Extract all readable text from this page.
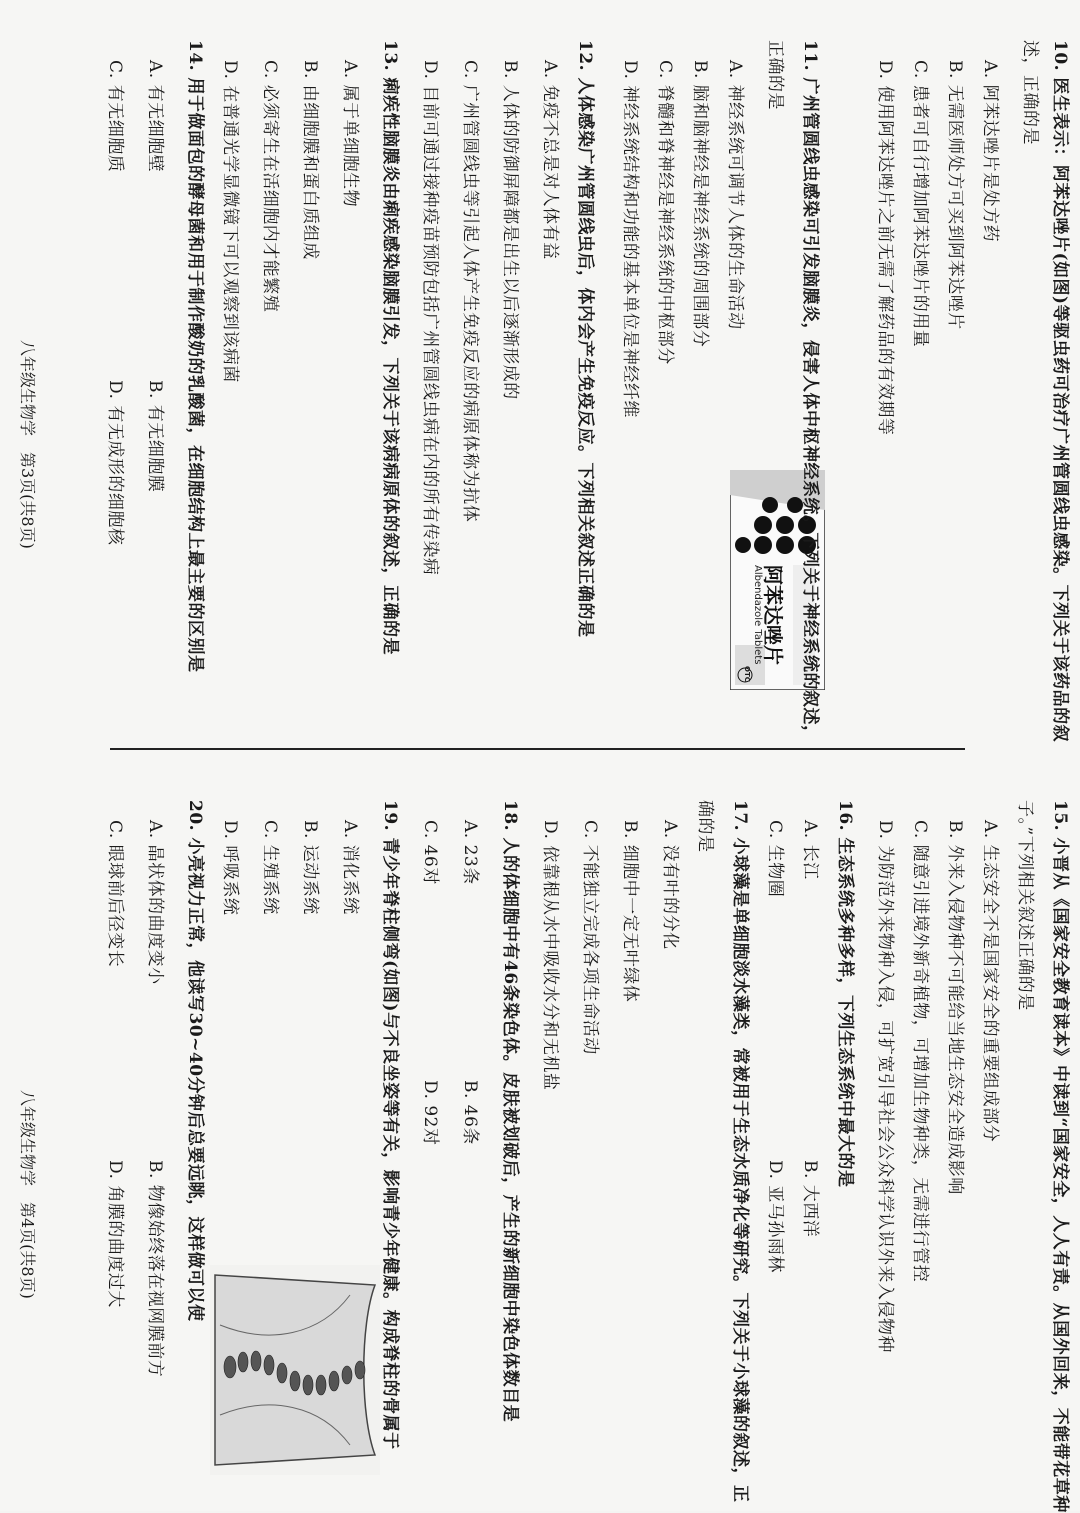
10. 医生表示：阿苯达唑片(如图)等驱虫药可治疗广州管圆线虫感染。下列关于该药品的叙
述，正确的是
A. 阿苯达唑片是处方药
B. 无需医师处方可买到阿苯达唑片
C. 患者可自行增加阿苯达唑片的用量
D. 使用阿苯达唑片之前无需了解药品的有效期等
阿苯达唑片
Albendazole Tablets
OTC	11. 广州管圆线虫感染可引发脑膜炎，侵害人体中枢神经系统。下列关于神经系统的叙述，
正确的是
A. 神经系统可调节人体的生命活动
B. 脑和脑神经是神经系统的周围部分
C. 脊髓和脊神经是神经系统的中枢部分
D. 神经系统结构和功能的基本单位是神经纤维
12. 人体感染广州管圆线虫后，体内会产生免疫反应。下列相关叙述正确的是
A. 免疫不总是对人体有益
B. 人体的防御屏障都是出生以后逐渐形成的
C. 广州管圆线虫等引起人体产生免疫反应的病原体称为抗体
D. 目前可通过接种疫苗预防包括广州管圆线虫病在内的所有传染病
13. 痢疾性脑膜炎由痢疾感染脑膜引发，下列关于该病病原体的叙述，正确的是
A. 属于单细胞生物
B. 由细胞膜和蛋白质组成
C. 必须寄生在活细胞内才能繁殖
D. 在普通光学显微镜下可以观察到该病菌
14. 用于做面包的酵母菌和用于制作酸奶的乳酸菌，在细胞结构上最主要的区别是
A. 有无细胞壁
B. 有无细胞膜
C. 有无细胞质
D. 有无成形的细胞核
八年级生物学　第3页(共8页)
15. 小晋从《国家安全教育读本》中读到“国家安全，人人有责。从国外回来，不能带花草种
子。”下列相关叙述正确的是
A. 生态安全不是国家安全的重要组成部分
B. 外来入侵物种不可能给当地生态安全造成影响
C. 随意引进境外新奇植物，可增加生物种类，无需进行管控
D. 为防范外来物种入侵，可扩宽引导社会公众科学认识外来入侵物种
16. 生态系统多种多样，下列生态系统中最大的是
A. 长江
B. 大西洋
C. 生物圈
D. 亚马孙雨林
17. 小球藻是单细胞淡水藻类，常被用于生态水质净化等研究。下列关于小球藻的叙述，正
确的是
A. 没有叶的分化
B. 细胞中一定无叶绿体
C. 不能独立完成各项生命活动
D. 依靠根从水中吸收水分和无机盐
18. 人的体细胞中有46条染色体。皮肤被划破后，产生的新细胞中染色体数目是
A. 23条
B. 46条
C. 46对
D. 92对
19. 青少年脊柱侧弯(如图)与不良坐姿等有关，影响青少年健康。构成脊柱的骨属于
A. 消化系统
B. 运动系统
C. 生殖系统
D. 呼吸系统
20. 小亮视力正常，他读写30~40分钟后总要远眺，这样做可以使
A. 晶状体的曲度变小
B. 物像始终落在视网膜前方
C. 眼球前后径变长
D. 角膜的曲度过大
八年级生物学　第4页(共8页)
